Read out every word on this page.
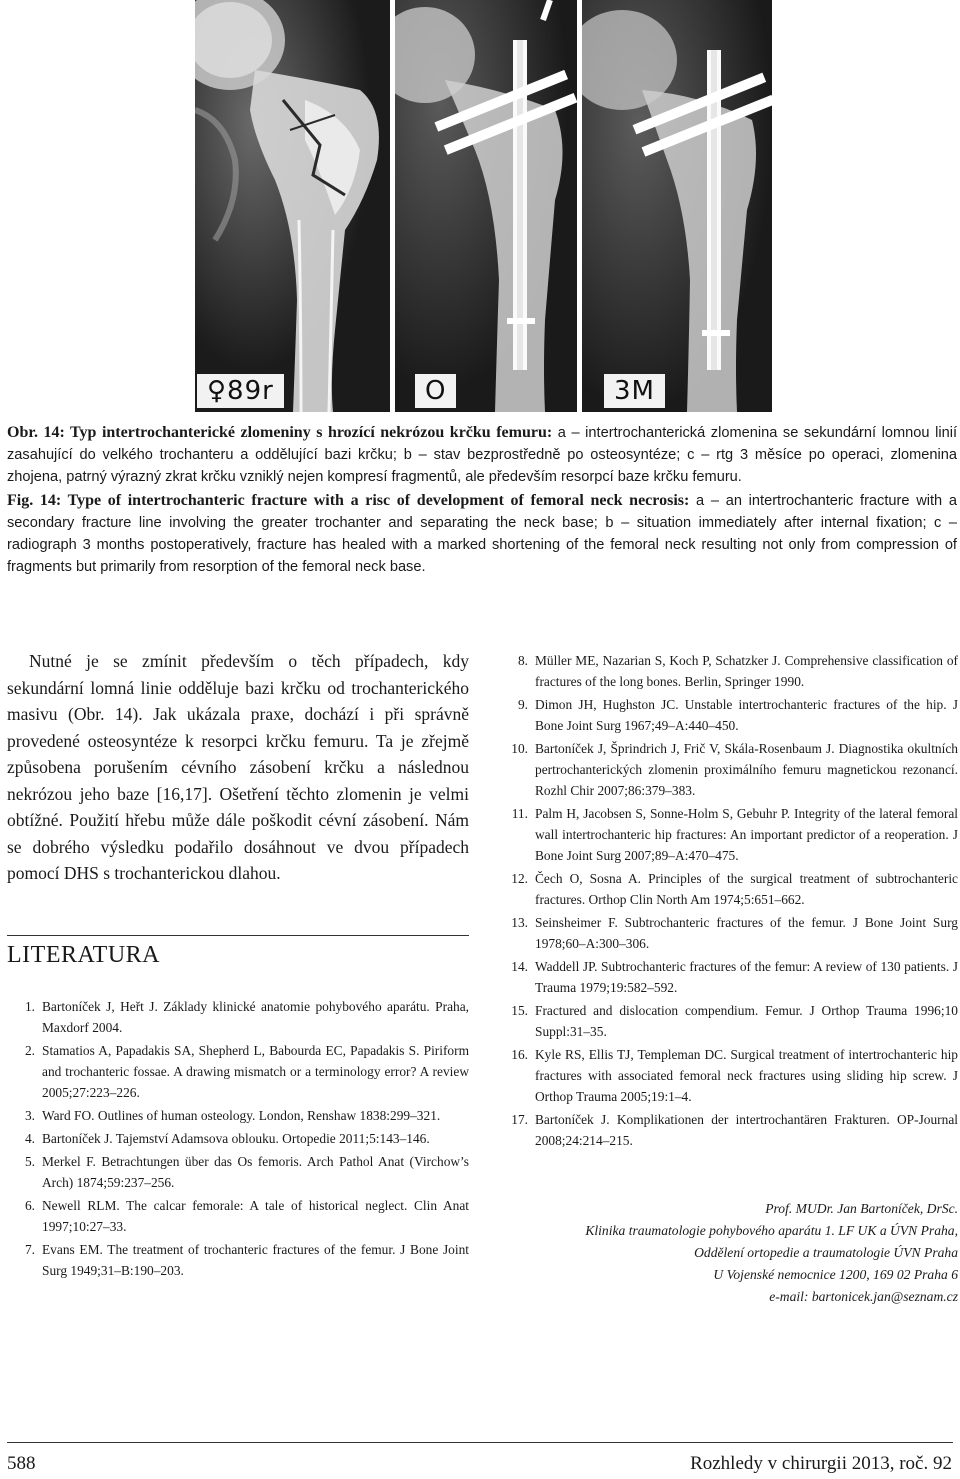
♀89r	O	3M

Obr. 14: Typ intertrochanterické zlomeniny s hrozící nekrózou krčku femuru: a – intertrochanterická zlomenina se sekundární lomnou linií zasahující do velkého trochanteru a oddělující bazi krčku; b – stav bezprostředně po osteosyntéze; c – rtg 3 měsíce po operaci, zlomenina zhojena, patrný výrazný zkrat krčku vzniklý nejen kompresí fragmentů, ale především resorpcí baze krčku femuru.

Fig. 14: Type of intertrochanteric fracture with a risc of development of femoral neck necrosis: a – an intertrochanteric fracture with a secondary fracture line involving the greater trochanter and separating the neck base; b – situation immediately after internal fixation; c – radiograph 3 months postoperatively, fracture has healed with a marked shortening of the femoral neck resulting not only from compression of fragments but primarily from resorption of the femoral neck base.

Nutné je se zmínit především o těch případech, kdy sekundární lomná linie odděluje bazi krčku od trochanterického masivu (Obr. 14). Jak ukázala praxe, dochází i při správně provedené osteosyntéze k resorpci krčku femuru. Ta je zřejmě způsobena porušením cévního zásobení krčku a následnou nekrózou jeho baze [16,17]. Ošetření těchto zlomenin je velmi obtížné. Použití hřebu může dále poškodit cévní zásobení. Nám se dobrého výsledku podařilo dosáhnout ve dvou případech pomocí DHS s trochanterickou dlahou.

LITERATURA
1 . Bartoníček J, Heřt J. Základy klinické anatomie pohybového aparátu. Praha, Maxdorf 2004.
2 . Stamatios A, Papadakis SA, Shepherd L, Babourda EC, Papadakis S. Piriform and trochanteric fossae. A drawing mismatch or a terminology error? A review 2005;27:223–226.
3 . Ward FO. Outlines of human osteology. London, Renshaw 1838:299–321.
4 . Bartoníček J. Tajemství Adamsova oblouku. Ortopedie 2011;5:143–146.
5 . Merkel F. Betrachtungen über das Os femoris. Arch Pathol Anat (Virchow’s Arch) 1874;59:237–256.
6 . Newell RLM. The calcar femorale: A tale of historical neglect. Clin Anat 1997;10:27–33.
7 . Evans EM. The treatment of trochanteric fractures of the femur. J Bone Joint Surg 1949;31–B:190–203.
8 . Müller ME, Nazarian S, Koch P, Schatzker J. Comprehensive classification of fractures of the long bones. Berlin, Springer 1990.
9 . Dimon JH, Hughston JC. Unstable intertrochanteric fractures of the hip. J Bone Joint Surg 1967;49–A:440–450.
10 . Bartoníček J, Šprindrich J, Frič V, Skála-Rosenbaum J. Diagnostika okultních pertrochanterických zlomenin proximálního femuru magnetickou rezonancí. Rozhl Chir 2007;86:379–383.
11 . Palm H, Jacobsen S, Sonne-Holm S, Gebuhr P. Integrity of the lateral femoral wall intertrochanteric hip fractures: An important predictor of a reoperation. J Bone Joint Surg 2007;89–A:470–475.
12 . Čech O, Sosna A. Principles of the surgical treatment of subtrochanteric fractures. Orthop Clin North Am 1974;5:651–662.
13 . Seinsheimer F. Subtrochanteric fractures of the femur. J Bone Joint Surg 1978;60–A:300–306.
14 . Waddell JP. Subtrochanteric fractures of the femur: A review of 130 patients. J Trauma 1979;19:582–592.
15 . Fractured and dislocation compendium. Femur. J Orthop Trauma 1996;10 Suppl:31–35.
16 . Kyle RS, Ellis TJ, Templeman DC. Surgical treatment of intertrochanteric hip fractures with associated femoral neck fractures using sliding hip screw. J Orthop Trauma 2005;19:1–4.
17 . Bartoníček J. Komplikationen der intertrochantären Frakturen. OP-Journal 2008;24:214–215.
Prof. MUDr. Jan Bartoníček, DrSc.
Klinika traumatologie pohybového aparátu 1. LF UK a ÚVN Praha,
Oddělení ortopedie a traumatologie ÚVN Praha
U Vojenské nemocnice 1200, 169 02 Praha 6
e-mail: bartonicek.jan@seznam.cz
588	Rozhledy v chirurgii 2013, roč. 92
